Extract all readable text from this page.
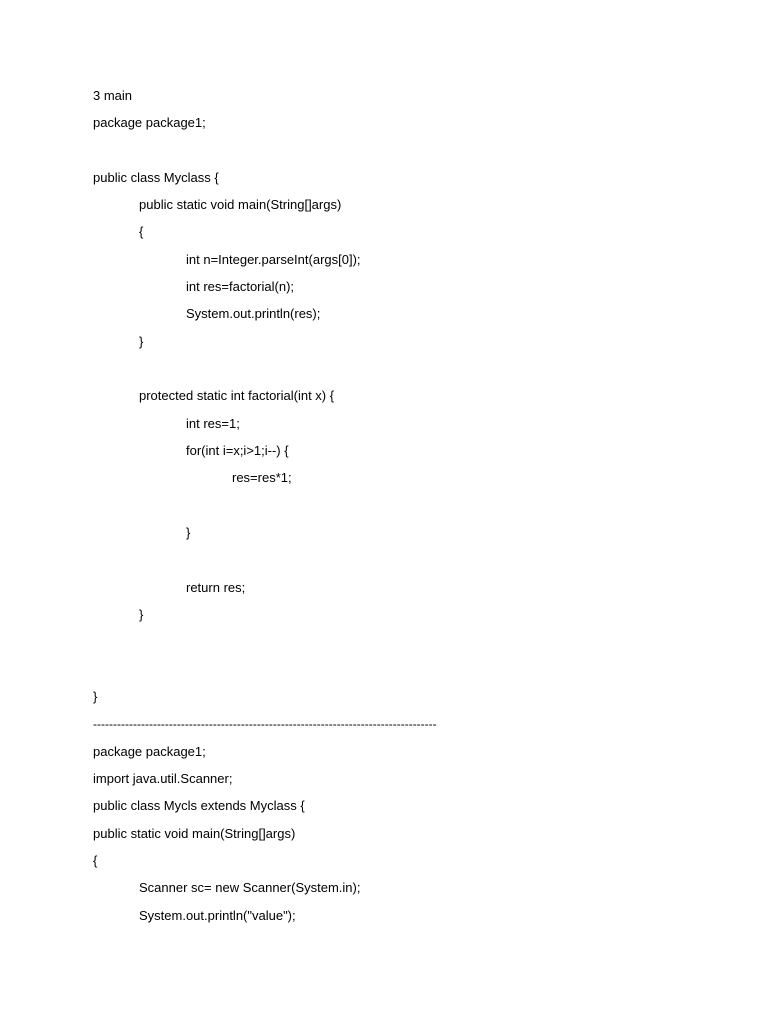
3 main
package package1;
public class Myclass {
public static void main(String[]args)
{
int n=Integer.parseInt(args[0]);
int res=factorial(n);
System.out.println(res);
}
protected static int factorial(int x) {
int res=1;
for(int i=x;i>1;i--) {
res=res*1;
}
return res;
}
}
--------------------------------------------------------------------------------------
package package1;
import java.util.Scanner;
public class Mycls extends Myclass {
public static void main(String[]args)
{
Scanner sc= new Scanner(System.in);
System.out.println("value");
